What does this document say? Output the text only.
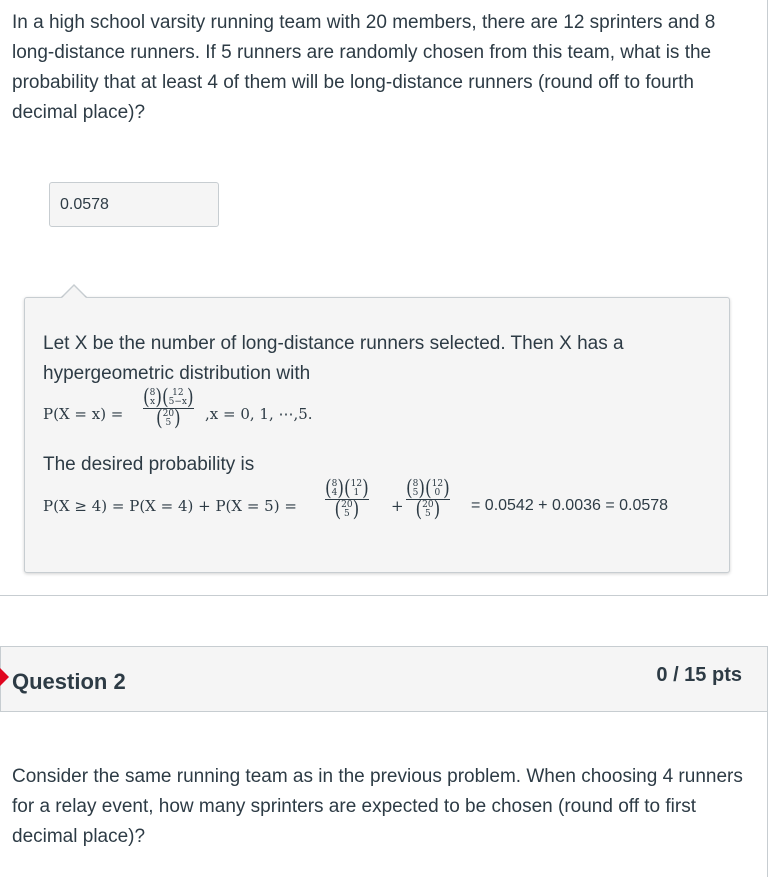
In a high school varsity running team with 20 members, there are 12 sprinters and 8 long-distance runners. If 5 runners are randomly chosen from this team, what is the probability that at least 4 of them will be long-distance runners (round off to fourth decimal place)?
0.0578
Let X be the number of long-distance runners selected. Then X has a
hypergeometric distribution with
P(X = x) =
( 8
x ) ( 12
5−x )
( 20
5 ) ,x = 0, 1, ⋯,5.
The desired probability is
P(X ≥ 4) = P(X = 4) + P(X = 5) =
( 8
4 ) ( 12
1 )
( 20
5 ) +
( 8
5 ) ( 12
0 )
( 20
5 ) = 0.0542 + 0.0036 = 0.0578
Question 2	0 / 15 pts
Consider the same running team as in the previous problem. When choosing 4 runners for a relay event, how many sprinters are expected to be chosen (round off to first decimal place)?
